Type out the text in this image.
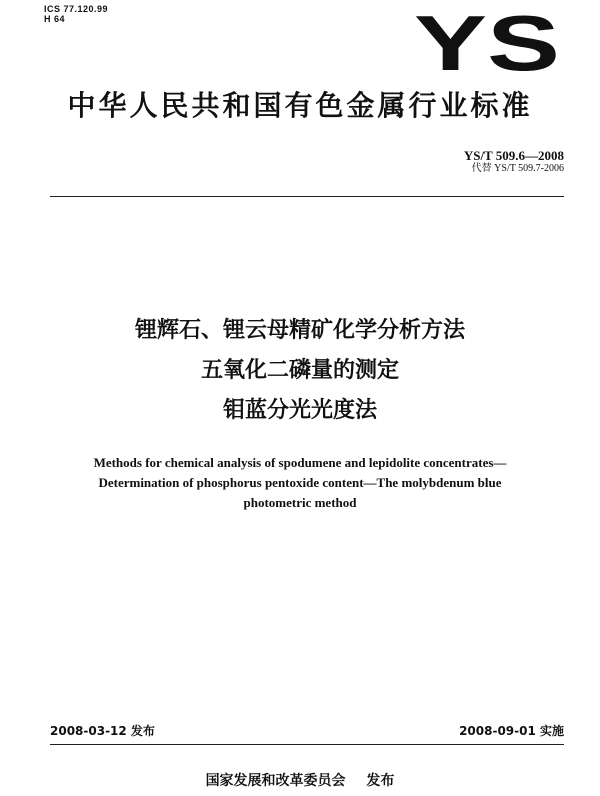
ICS 77.120.99
H 64	YS
中华人民共和国有色金属行业标准
YS/T 509.6—2008
代替 YS/T 509.7-2006
锂辉石、锂云母精矿化学分析方法
五氧化二磷量的测定
钼蓝分光光度法
Methods for chemical analysis of spodumene and lepidolite concentrates—
Determination of phosphorus pentoxide content—The molybdenum blue
photometric method
2008-03-12 发布	2008-09-01 实施
国家发展和改革委员会 发布
